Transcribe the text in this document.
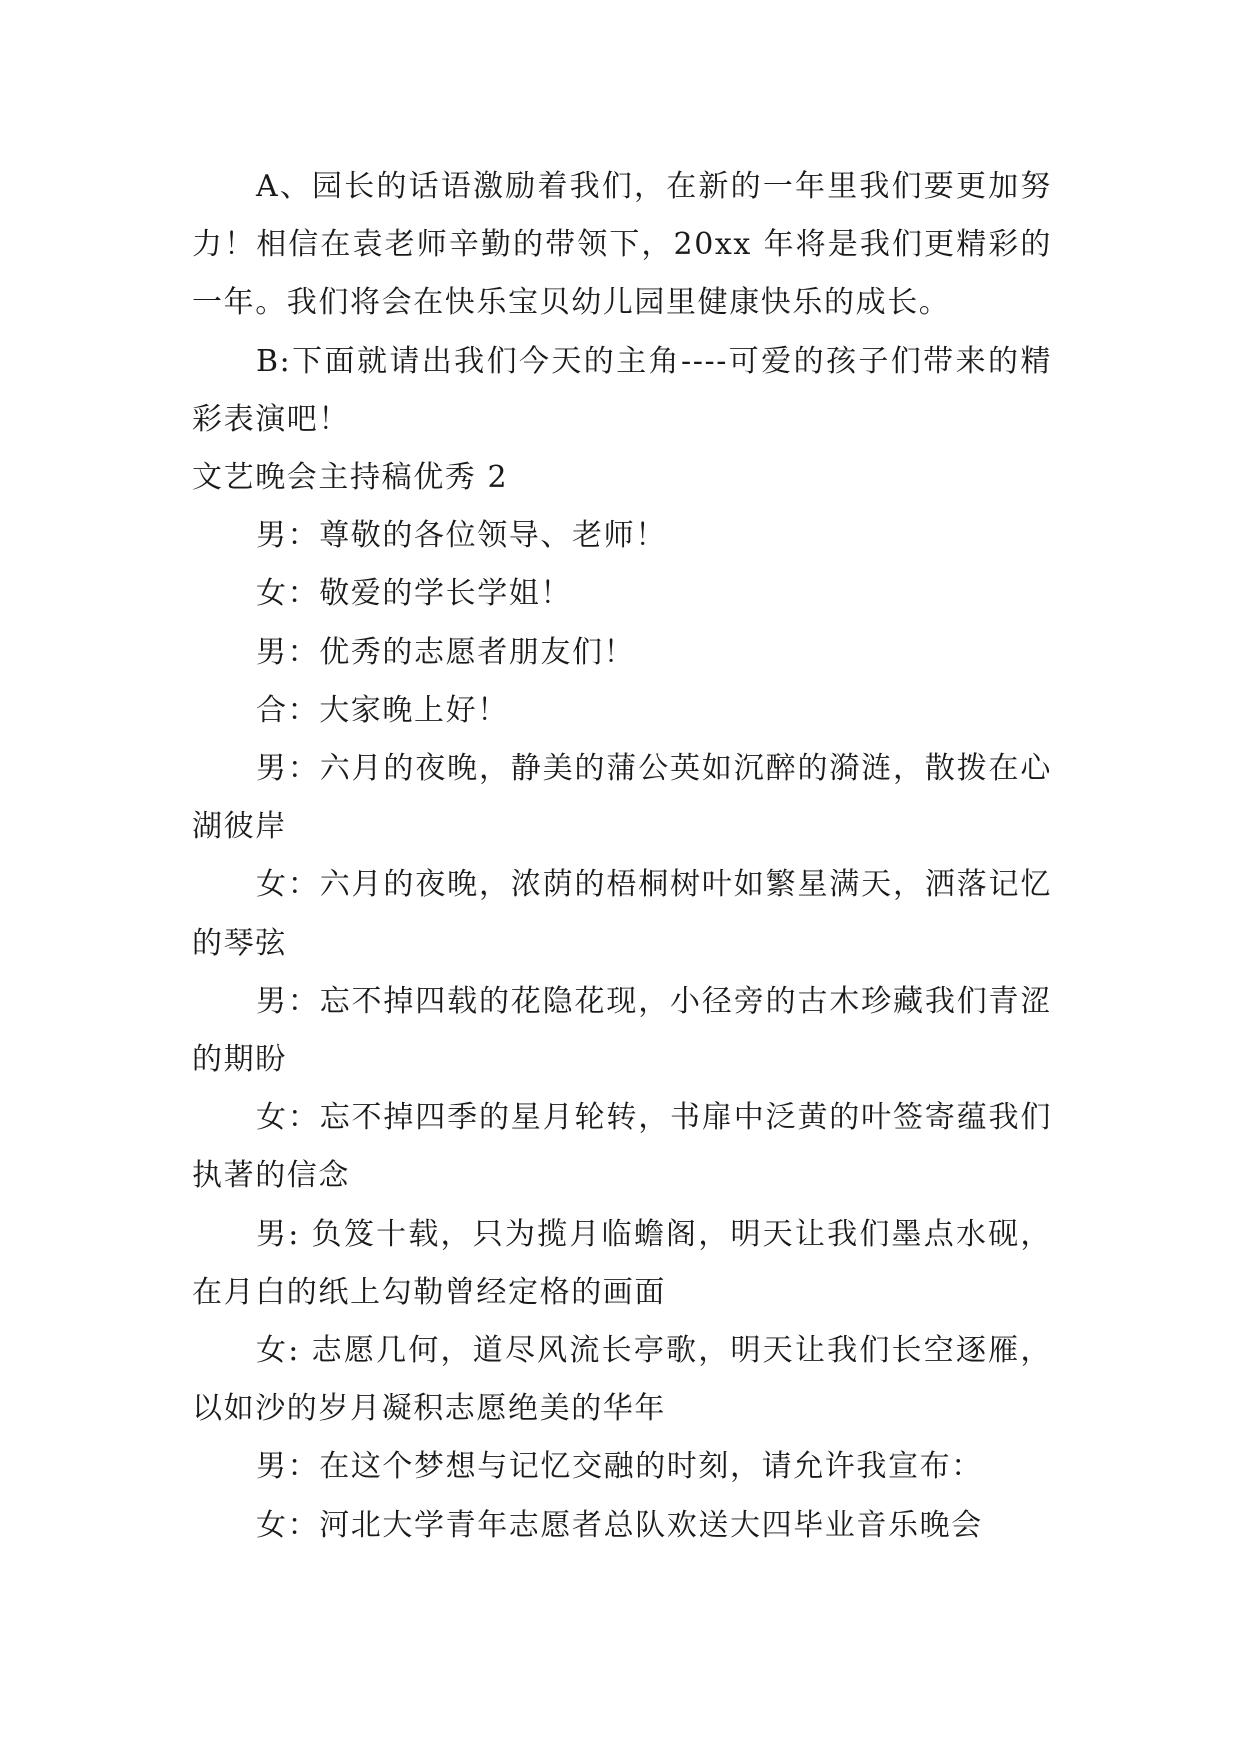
A、园长的话语激励着我们，在新的一年里我们要更加努力！相信在袁老师辛勤的带领下，20xx 年将是我们更精彩的一年。我们将会在快乐宝贝幼儿园里健康快乐的成长。

B:下面就请出我们今天的主角----可爱的孩子们带来的精彩表演吧！

文艺晚会主持稿优秀 2

男：尊敬的各位领导、老师！

女：敬爱的学长学姐！

男：优秀的志愿者朋友们！

合：大家晚上好！

男：六月的夜晚，静美的蒲公英如沉醉的漪涟，散拨在心湖彼岸

女：六月的夜晚，浓荫的梧桐树叶如繁星满天，洒落记忆的琴弦

男：忘不掉四载的花隐花现，小径旁的古木珍藏我们青涩的期盼

女：忘不掉四季的星月轮转，书扉中泛黄的叶签寄蕴我们执著的信念

男: 负笈十载，只为揽月临蟾阁，明天让我们墨点水砚，在月白的纸上勾勒曾经定格的画面

女: 志愿几何，道尽风流长亭歌，明天让我们长空逐雁，以如沙的岁月凝积志愿绝美的华年

男：在这个梦想与记忆交融的时刻，请允许我宣布：

女：河北大学青年志愿者总队欢送大四毕业音乐晚会
